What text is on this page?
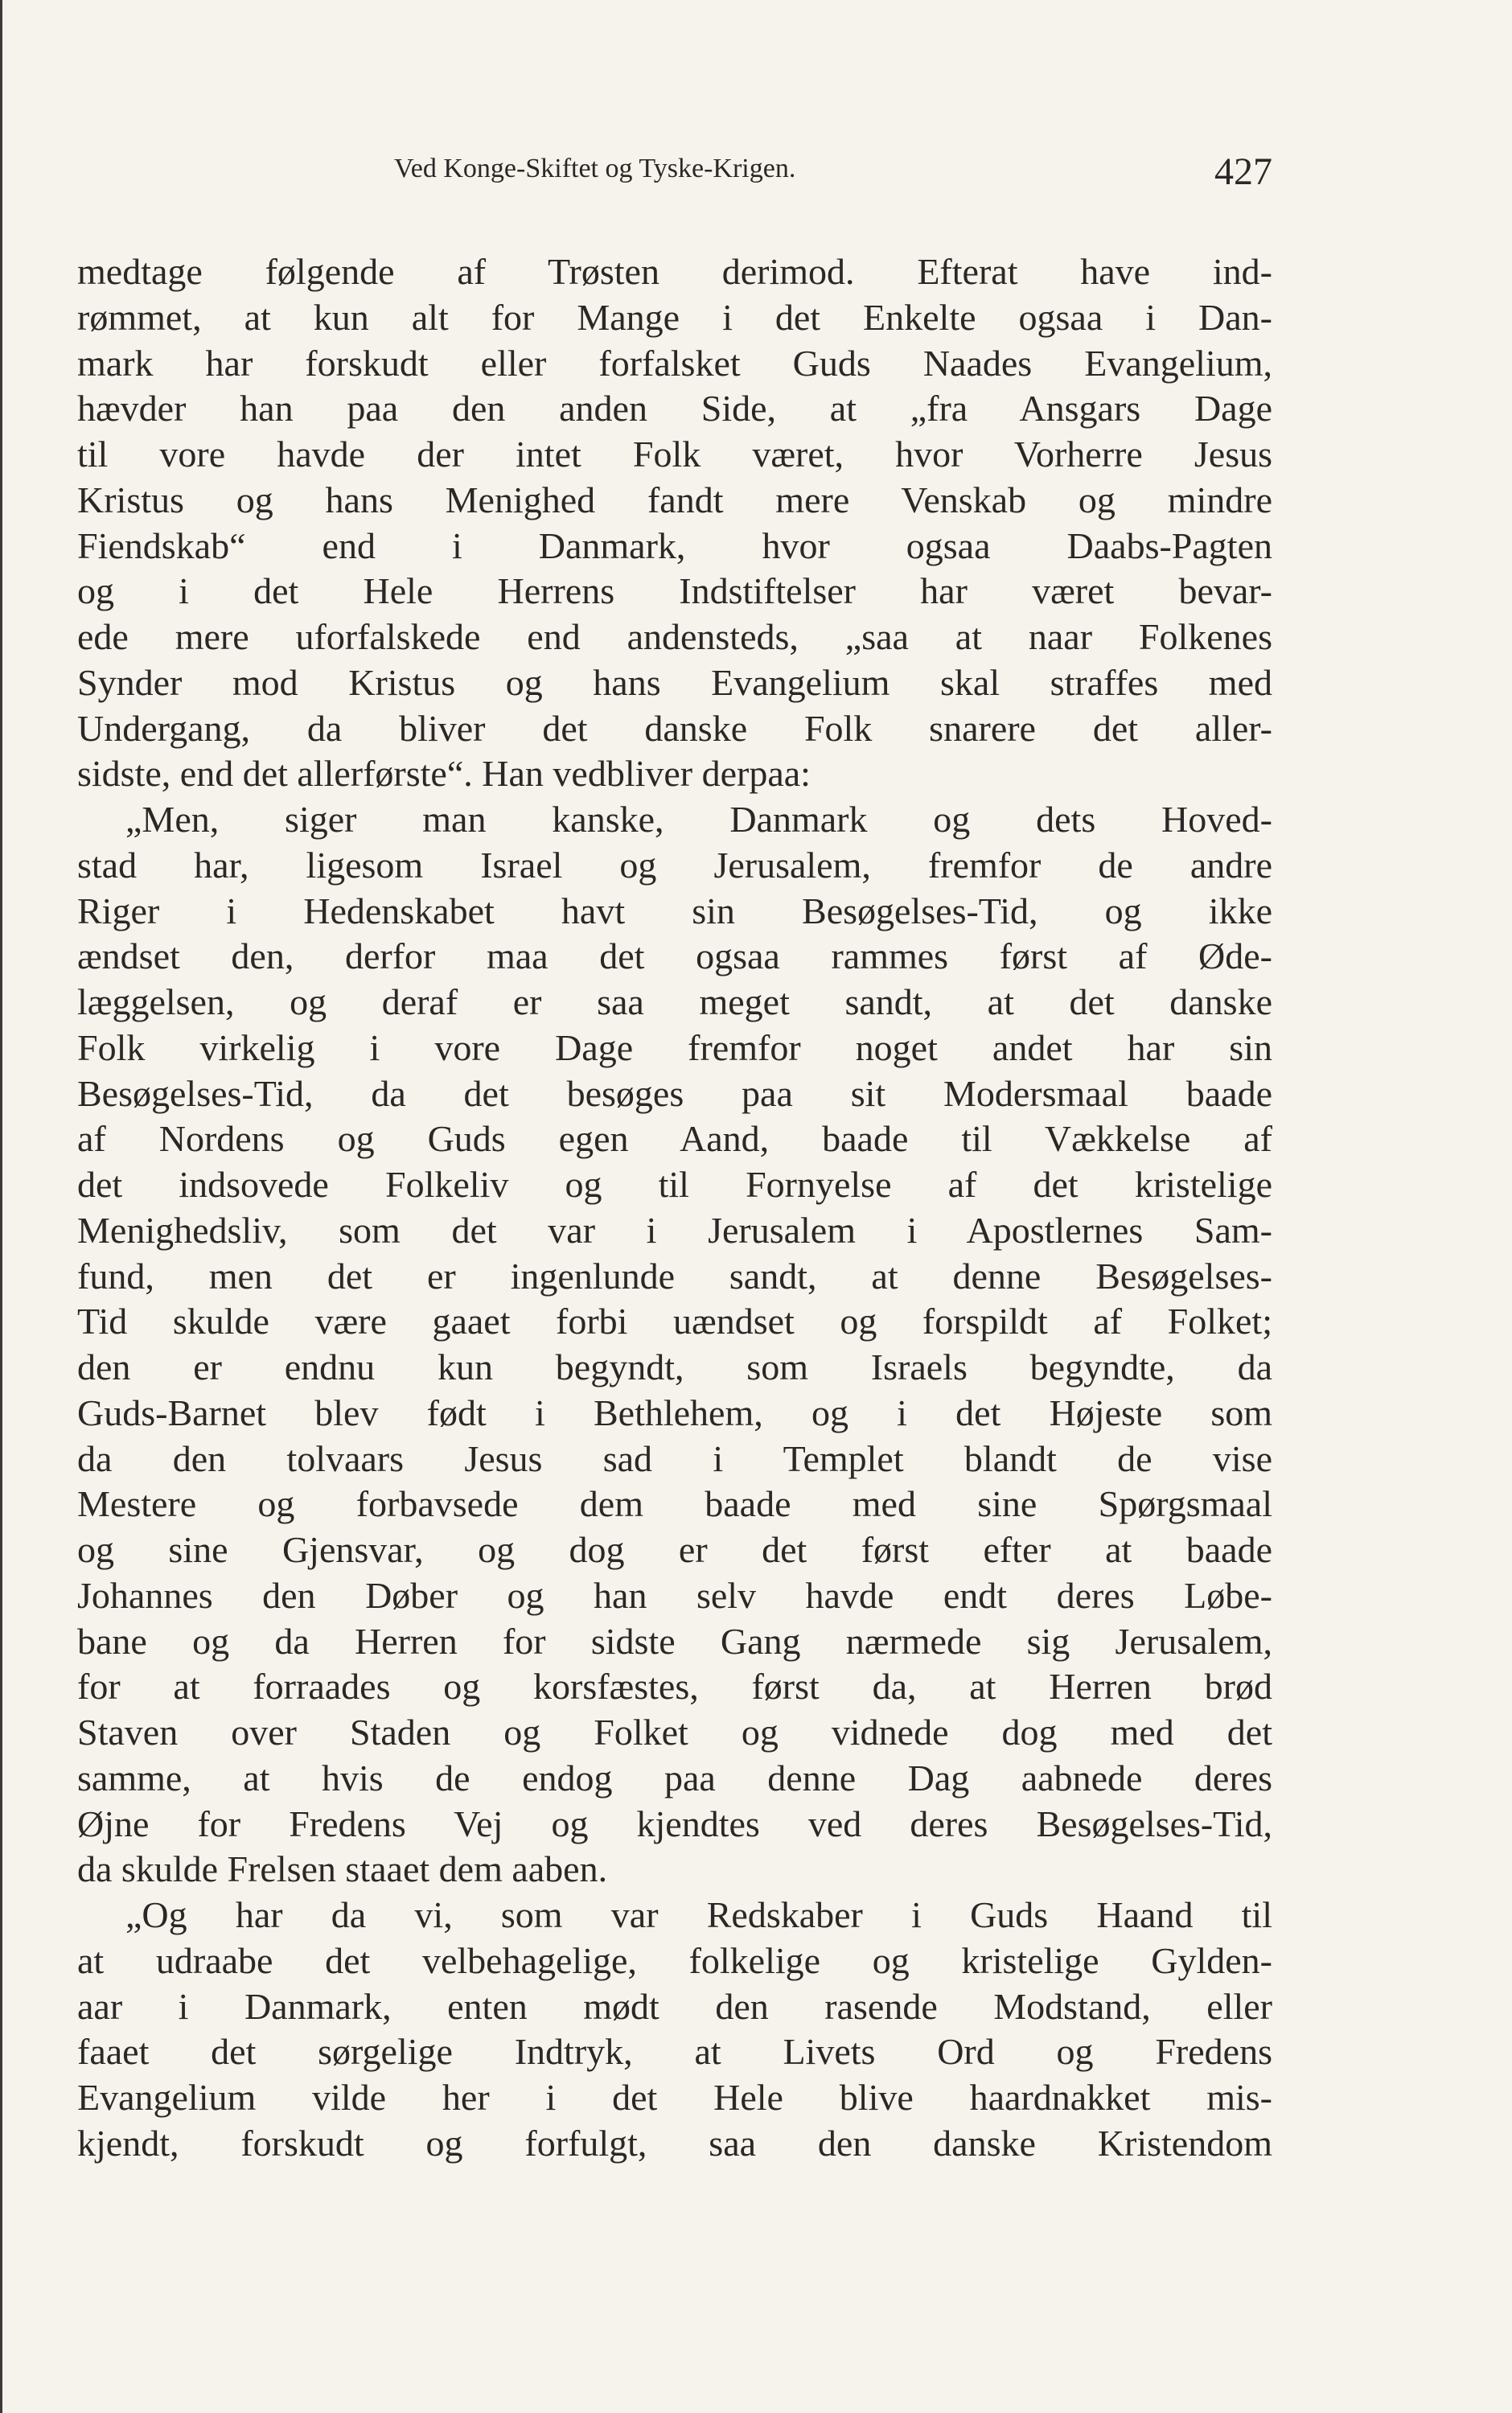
Ved Konge-Skiftet og Tyske-Krigen.	427
medtage følgende af Trøsten derimod. Efterat have ind-
rømmet, at kun alt for Mange i det Enkelte ogsaa i Dan-
mark har forskudt eller forfalsket Guds Naades Evangelium,
hævder han paa den anden Side, at „fra Ansgars Dage
til vore havde der intet Folk været, hvor Vorherre Jesus
Kristus og hans Menighed fandt mere Venskab og mindre
Fiendskab“ end i Danmark, hvor ogsaa Daabs-Pagten
og i det Hele Herrens Indstiftelser har været bevar-
ede mere uforfalskede end andensteds, „saa at naar Folkenes
Synder mod Kristus og hans Evangelium skal straffes med
Undergang, da bliver det danske Folk snarere det aller-
sidste, end det allerførste“. Han vedbliver derpaa:
„Men, siger man kanske, Danmark og dets Hoved-
stad har, ligesom Israel og Jerusalem, fremfor de andre
Riger i Hedenskabet havt sin Besøgelses-Tid, og ikke
ændset den, derfor maa det ogsaa rammes først af Øde-
læggelsen, og deraf er saa meget sandt, at det danske
Folk virkelig i vore Dage fremfor noget andet har sin
Besøgelses-Tid, da det besøges paa sit Modersmaal baade
af Nordens og Guds egen Aand, baade til Vækkelse af
det indsovede Folkeliv og til Fornyelse af det kristelige
Menighedsliv, som det var i Jerusalem i Apostlernes Sam-
fund, men det er ingenlunde sandt, at denne Besøgelses-
Tid skulde være gaaet forbi uændset og forspildt af Folket;
den er endnu kun begyndt, som Israels begyndte, da
Guds-Barnet blev født i Bethlehem, og i det Højeste som
da den tolvaars Jesus sad i Templet blandt de vise
Mestere og forbavsede dem baade med sine Spørgsmaal
og sine Gjensvar, og dog er det først efter at baade
Johannes den Døber og han selv havde endt deres Løbe-
bane og da Herren for sidste Gang nærmede sig Jerusalem,
for at forraades og korsfæstes, først da, at Herren brød
Staven over Staden og Folket og vidnede dog med det
samme, at hvis de endog paa denne Dag aabnede deres
Øjne for Fredens Vej og kjendtes ved deres Besøgelses-Tid,
da skulde Frelsen staaet dem aaben.
„Og har da vi, som var Redskaber i Guds Haand til
at udraabe det velbehagelige, folkelige og kristelige Gylden-
aar i Danmark, enten mødt den rasende Modstand, eller
faaet det sørgelige Indtryk, at Livets Ord og Fredens
Evangelium vilde her i det Hele blive haardnakket mis-
kjendt, forskudt og forfulgt, saa den danske Kristendom
